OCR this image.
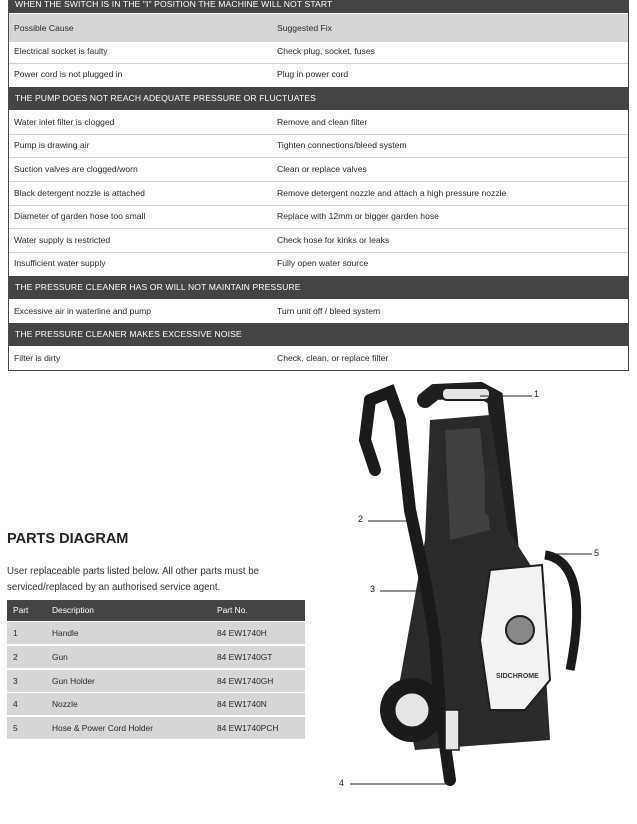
WHEN THE SWITCH IS IN THE "I" POSITION THE MACHINE WILL NOT START
Possible Cause	Suggested Fix
Electrical socket is faulty	Check plug, socket, fuses
Power cord is not plugged in	Plug in power cord
THE PUMP DOES NOT REACH ADEQUATE PRESSURE OR FLUCTUATES
Water inlet filter is clogged	Remove and clean filter
Pump is drawing air	Tighten connections/bleed system
Suction valves are clogged/worn	Clean or replace valves
Black detergent nozzle is attached	Remove detergent nozzle and attach a high pressure nozzle
Diameter of garden hose too small	Replace with 12mm or bigger garden hose
Water supply is restricted	Check hose for kinks or leaks
Insufficient water supply	Fully open water source
THE PRESSURE CLEANER HAS OR WILL NOT MAINTAIN PRESSURE
Excessive air in waterline and pump	Turn unit off / bleed system
THE PRESSURE CLEANER MAKES EXCESSIVE NOISE
Filter is dirty	Check, clean, or replace filter
PARTS DIAGRAM
User replaceable parts listed below. All other parts must be serviced/replaced by an authorised service agent.
Part	Description	Part No.
1	Handle	84 EW1740H
2	Gun	84 EW1740GT
3	Gun Holder	84 EW1740GH
4	Nozzle	84 EW1740N
5	Hose & Power Cord Holder	84 EW1740PCH
SIDCHROME
1
2
3
4
5
